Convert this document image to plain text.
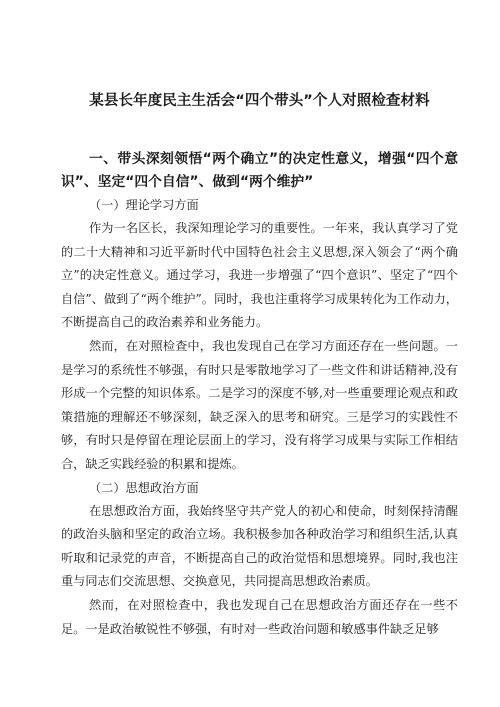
某县长年度民主生活会“四个带头”个人对照检查材料
一、带头深刻领悟“两个确立”的决定性意义，增强“四个意识”、坚定“四个自信”、做到“两个维护”
（一）理论学习方面

作为一名区长，我深知理论学习的重要性。一年来，我认真学习了党的二十大精神和习近平新时代中国特色社会主义思想,深入领会了“两个确立”的决定性意义。通过学习，我进一步增强了“四个意识”、坚定了“四个自信”、做到了“两个维护”。同时，我也注重将学习成果转化为工作动力，不断提高自己的政治素养和业务能力。

然而，在对照检查中，我也发现自己在学习方面还存在一些问题。一是学习的系统性不够强，有时只是零散地学习了一些文件和讲话精神,没有形成一个完整的知识体系。二是学习的深度不够,对一些重要理论观点和政策措施的理解还不够深刻，缺乏深入的思考和研究。三是学习的实践性不够，有时只是停留在理论层面上的学习，没有将学习成果与实际工作相结合，缺乏实践经验的积累和提炼。

（二）思想政治方面

在思想政治方面，我始终坚守共产党人的初心和使命，时刻保持清醒的政治头脑和坚定的政治立场。我积极参加各种政治学习和组织生活,认真听取和记录党的声音，不断提高自己的政治觉悟和思想境界。同时,我也注重与同志们交流思想、交换意见，共同提高思想政治素质。

然而，在对照检查中，我也发现自己在思想政治方面还存在一些不足。一是政治敏锐性不够强，有时对一些政治问题和敏感事件缺乏足够
